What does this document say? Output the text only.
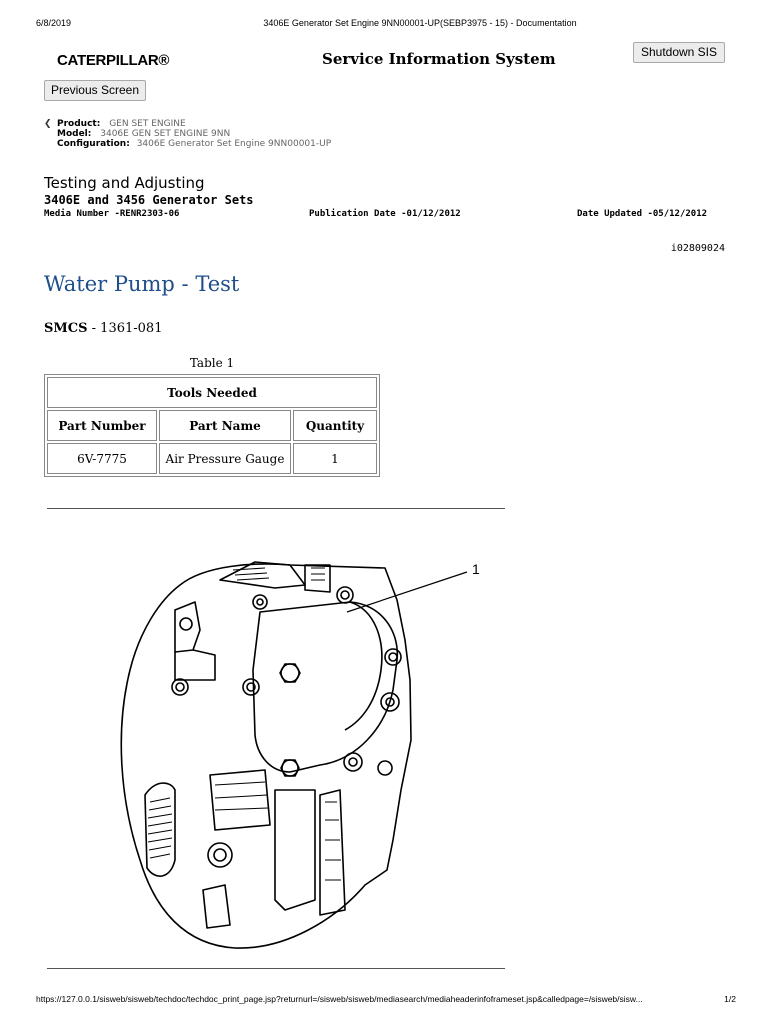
6/8/2019	3406E Generator Set Engine 9NN00001-UP(SEBP3975 - 15) - Documentation
CATERPILLAR®	Service Information System	Shutdown SIS
Previous Screen
❮ Product: GEN SET ENGINE
Model: 3406E GEN SET ENGINE 9NN
Configuration: 3406E Generator Set Engine 9NN00001-UP
Testing and Adjusting
3406E and 3456 Generator Sets
Media Number -RENR2303-06	Publication Date -01/12/2012	Date Updated -05/12/2012
i02809024
Water Pump - Test
SMCS - 1361-081
Table 1
Tools Needed		
Part Number	Part Name	Quantity
6V-7775	Air Pressure Gauge	1
1
https://127.0.0.1/sisweb/sisweb/techdoc/techdoc_print_page.jsp?returnurl=/sisweb/sisweb/mediasearch/mediaheaderinfoframeset.jsp&calledpage=/sisweb/sisw...	1/2
